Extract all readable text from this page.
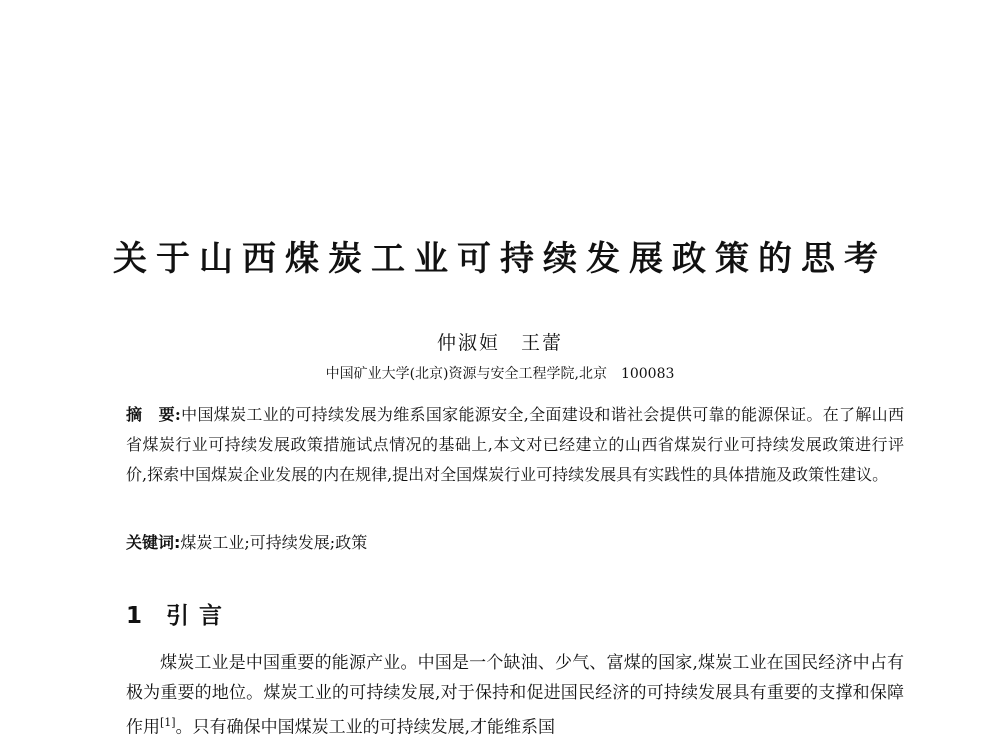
关于山西煤炭工业可持续发展政策的思考
仲淑姮　王蕾
中国矿业大学(北京)资源与安全工程学院,北京　100083
摘　要:中国煤炭工业的可持续发展为维系国家能源安全,全面建设和谐社会提供可靠的能源保证。在了解山西省煤炭行业可持续发展政策措施试点情况的基础上,本文对已经建立的山西省煤炭行业可持续发展政策进行评价,探索中国煤炭企业发展的内在规律,提出对全国煤炭行业可持续发展具有实践性的具体措施及政策性建议。
关键词:煤炭工业;可持续发展;政策
1 引言
煤炭工业是中国重要的能源产业。中国是一个缺油、少气、富煤的国家,煤炭工业在国民经济中占有极为重要的地位。煤炭工业的可持续发展,对于保持和促进国民经济的可持续发展具有重要的支撑和保障作用[1]。只有确保中国煤炭工业的可持续发展,才能维系国
